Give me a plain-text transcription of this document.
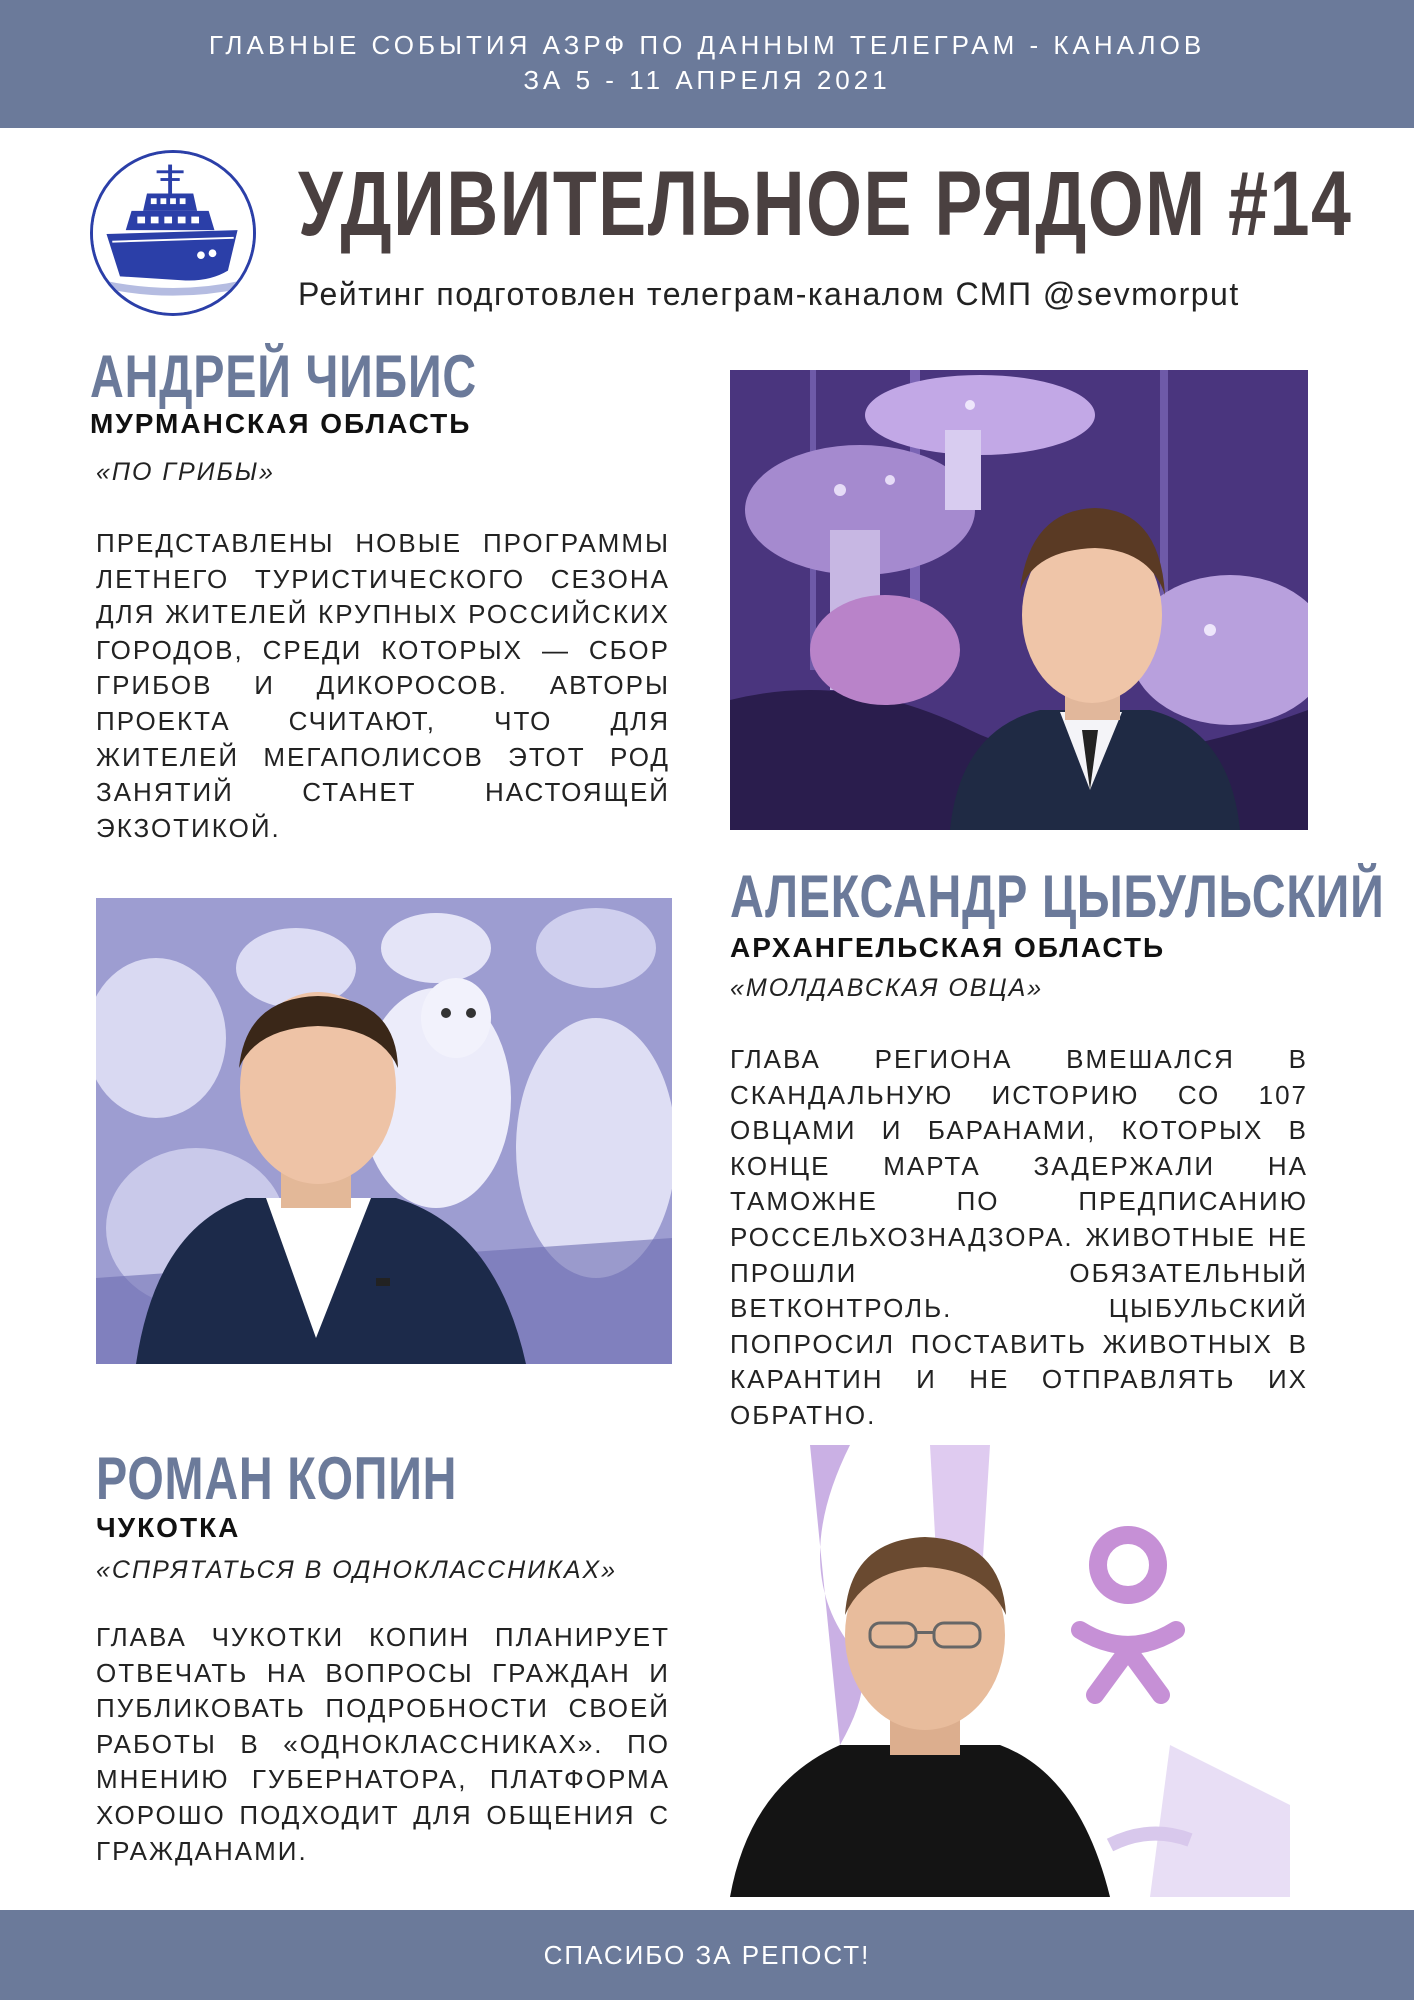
ГЛАВНЫЕ СОБЫТИЯ АЗРФ ПО ДАННЫМ ТЕЛЕГРАМ - КАНАЛОВ
ЗА 5 - 11 АПРЕЛЯ 2021
УДИВИТЕЛЬНОЕ РЯДОМ #14
Рейтинг подготовлен телеграм-каналом СМП @sevmorput
АНДРЕЙ ЧИБИС
МУРМАНСКАЯ ОБЛАСТЬ
«ПО ГРИБЫ»
ПРЕДСТАВЛЕНЫ НОВЫЕ ПРОГРАММЫ ЛЕТНЕГО ТУРИСТИЧЕСКОГО СЕЗОНА ДЛЯ ЖИТЕЛЕЙ КРУПНЫХ РОССИЙСКИХ ГОРОДОВ, СРЕДИ КОТОРЫХ — СБОР ГРИБОВ И ДИКОРОСОВ. АВТОРЫ ПРОЕКТА СЧИТАЮТ, ЧТО ДЛЯ ЖИТЕЛЕЙ МЕГАПОЛИСОВ ЭТОТ РОД ЗАНЯТИЙ СТАНЕТ НАСТОЯЩЕЙ ЭКЗОТИКОЙ.
АЛЕКСАНДР ЦЫБУЛЬСКИЙ
АРХАНГЕЛЬСКАЯ ОБЛАСТЬ
«МОЛДАВСКАЯ ОВЦА»
ГЛАВА РЕГИОНА ВМЕШАЛСЯ В СКАНДАЛЬНУЮ ИСТОРИЮ СО 107 ОВЦАМИ И БАРАНАМИ, КОТОРЫХ В КОНЦЕ МАРТА ЗАДЕРЖАЛИ НА ТАМОЖНЕ ПО ПРЕДПИСАНИЮ РОССЕЛЬХОЗНАДЗОРА. ЖИВОТНЫЕ НЕ ПРОШЛИ ОБЯЗАТЕЛЬНЫЙ ВЕТКОНТРОЛЬ. ЦЫБУЛЬСКИЙ ПОПРОСИЛ ПОСТАВИТЬ ЖИВОТНЫХ В КАРАНТИН И НЕ ОТПРАВЛЯТЬ ИХ ОБРАТНО.
РОМАН КОПИН
ЧУКОТКА
«СПРЯТАТЬСЯ В ОДНОКЛАССНИКАХ»
ГЛАВА ЧУКОТКИ КОПИН ПЛАНИРУЕТ ОТВЕЧАТЬ НА ВОПРОСЫ ГРАЖДАН И ПУБЛИКОВАТЬ ПОДРОБНОСТИ СВОЕЙ РАБОТЫ В «ОДНОКЛАССНИКАХ». ПО МНЕНИЮ ГУБЕРНАТОРА, ПЛАТФОРМА ХОРОШО ПОДХОДИТ ДЛЯ ОБЩЕНИЯ С ГРАЖДАНАМИ.
СПАСИБО ЗА РЕПОСТ!
